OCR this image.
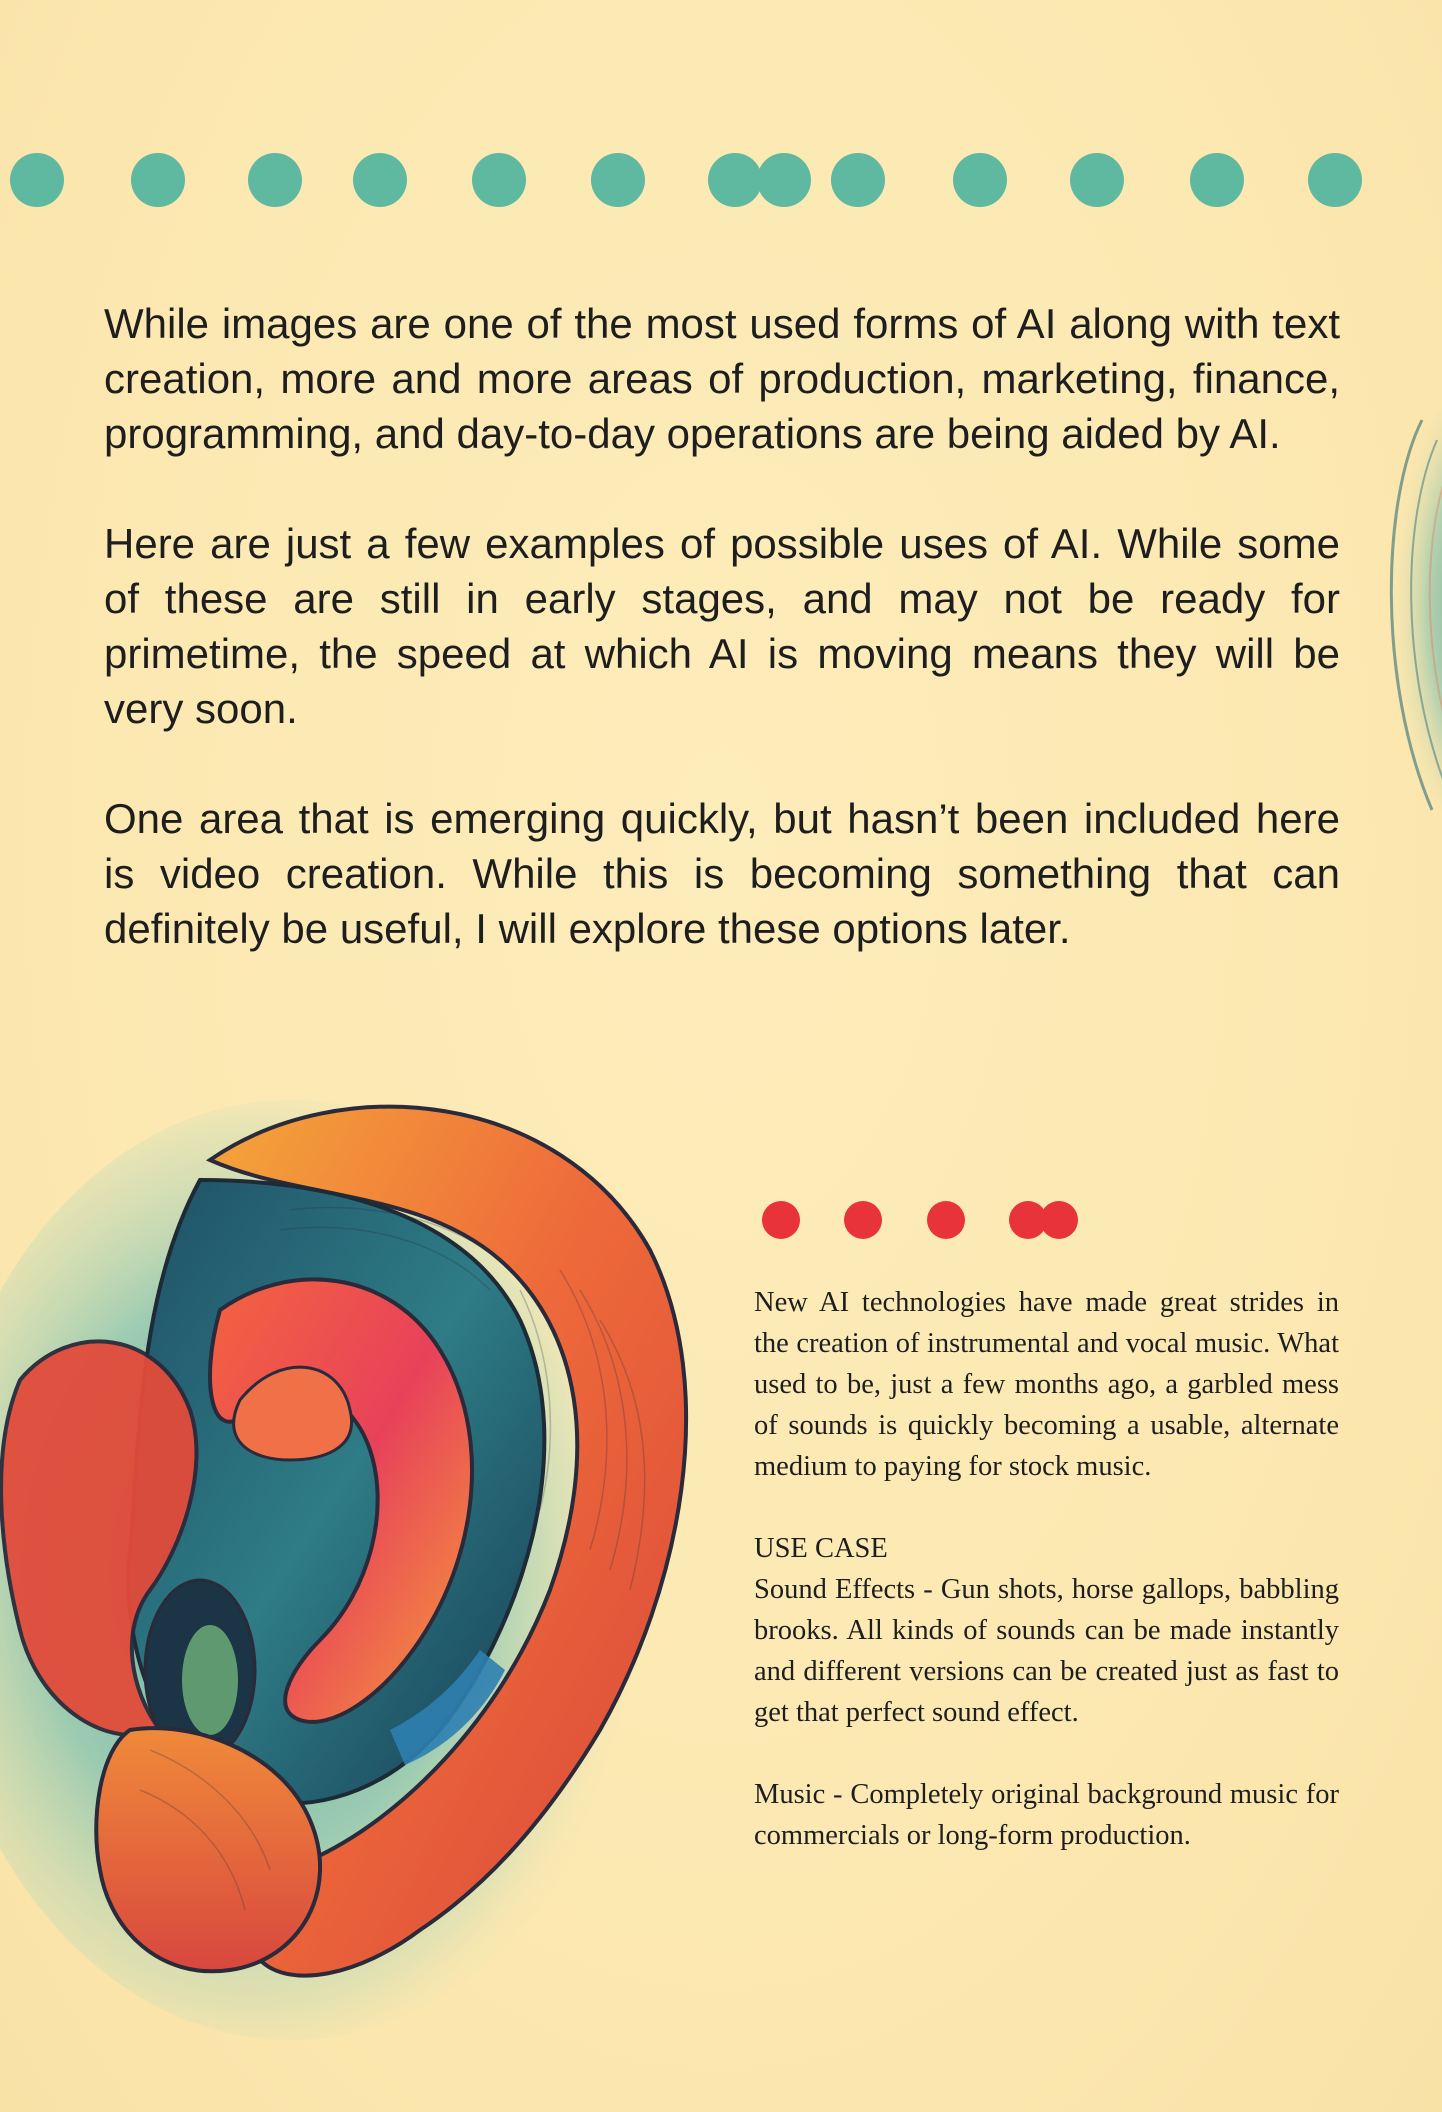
While images are one of the most used forms of AI along with text creation, more and more areas of production, marketing, finance, programming, and day-to-day operations are being aided by AI.

Here are just a few examples of possible uses of AI. While some of these are still in early stages, and may not be ready for primetime, the speed at which AI is moving means they will be very soon.

One area that is emerging quickly, but hasn’t been included here is video creation. While this is becoming something that can definitely be useful, I will explore these options later.

New AI technologies have made great strides in the creation of instrumental and vocal music. What used to be, just a few months ago, a garbled mess of sounds is quickly becoming a usable, alternate medium to paying for stock music.

USE CASE

Sound Effects - Gun shots, horse gallops, babbling brooks. All kinds of sounds can be made instantly and different versions can be created just as fast to get that perfect sound effect.

Music - Completely original background music for commercials or long-form production.
